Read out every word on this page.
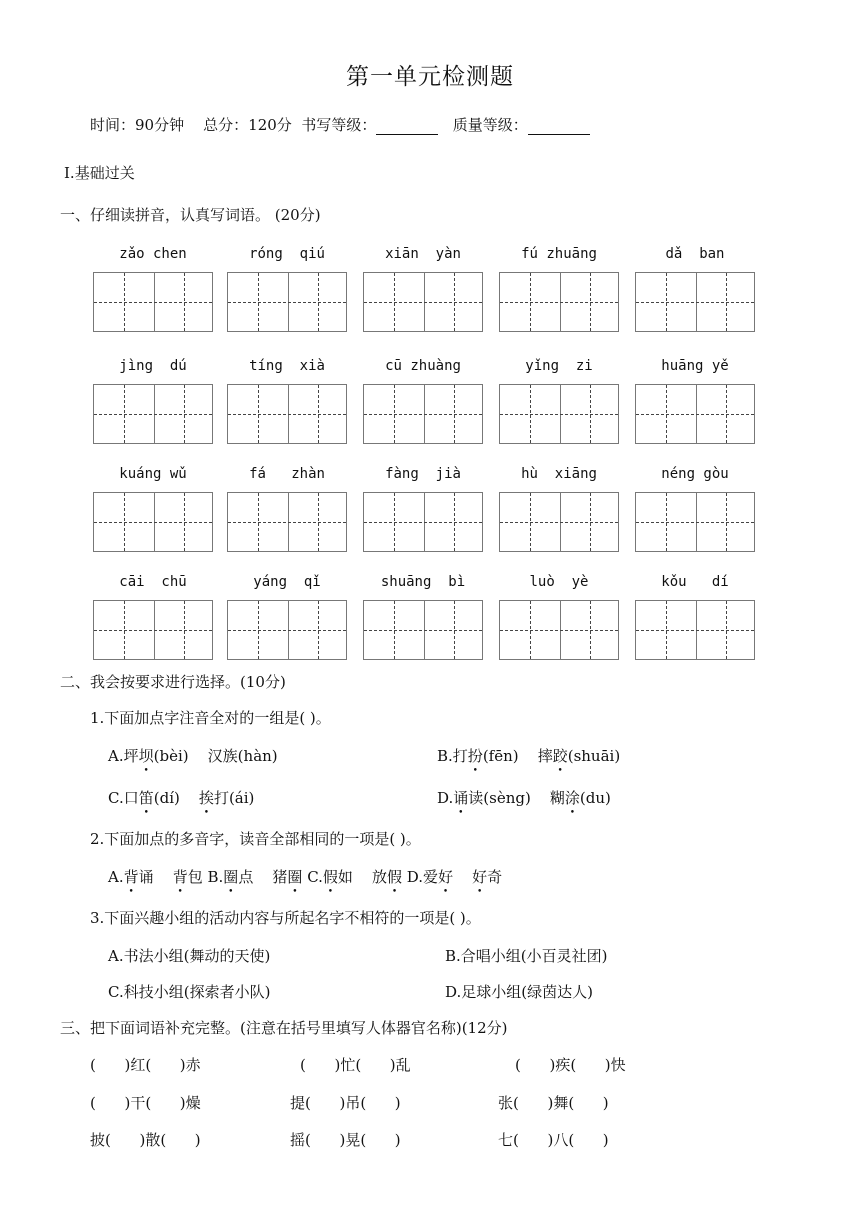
第一单元检测题
时间：90分钟 总分：120分 书写等级：	质量等级：
Ⅰ.基础过关
一、仔细读拼音，认真写词语。 (20分)
zǎo chen	róng  qiú	xiān  yàn	fú zhuāng	dǎ  ban
jìng  dú	tíng  xià	cū zhuàng	yǐng  zi	huāng yě
kuáng wǔ	fá   zhàn	fàng  jià	hù  xiāng	néng gòu
cāi  chū	yáng  qǐ	shuāng  bì	luò  yè	kǒu   dí
二、我会按要求进行选择。(10分)
1.下面加点字注音全对的一组是( )。
A.坪坝(bèi)    汉族(hàn)	B.打扮(fēn)    摔跤(shuāi)
C.口笛(dí)    挨打(ái)	D.诵读(sèng)    糊涂(du)
2.下面加点的多音字，读音全部相同的一项是( )。
A.背诵    背包 B.圈点    猪圈 C.假如    放假 D.爱好 好奇
3.下面兴趣小组的活动内容与所起名字不相符的一项是( )。
A.书法小组(舞动的天使)	B.合唱小组(小百灵社团)
C.科技小组(探索者小队)	D.足球小组(绿茵达人)
三、把下面词语补充完整。(注意在括号里填写人体器官名称)(12分)
(      )红(      )赤	(      )忙(      )乱	(      )疾(      )快
(      )干(      )燥	提(      )吊(      )	张(      )舞(      )
披(      )散(      )	摇(      )晃(      )	七(      )八(      )
